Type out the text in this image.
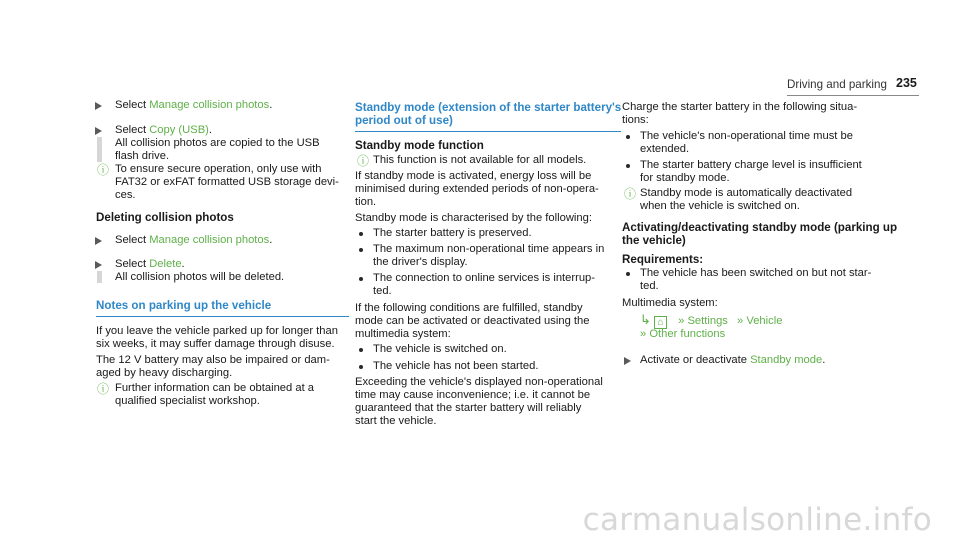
Driving and parking 235

Select Manage collision photos.

Select Copy (USB).

All collision photos are copied to the USB

flash drive.

ⓘ To ensure secure operation, only use with

FAT32 or exFAT formatted USB storage devi-

ces.

Deleting collision photos

Select Manage collision photos.

Select Delete.

All collision photos will be deleted.

Notes on parking up the vehicle

If you leave the vehicle parked up for longer than

six weeks, it may suffer damage through disuse.

The 12 V battery may also be impaired or dam-

aged by heavy discharging.

ⓘ Further information can be obtained at a

qualified specialist workshop.

Standby mode (extension of the starter battery's

period out of use)

Standby mode function

ⓘ This function is not available for all models.

If standby mode is activated, energy loss will be

minimised during extended periods of non-opera-

tion.

Standby mode is characterised by the following:

The starter battery is preserved.

The maximum non-operational time appears in

the driver's display.

The connection to online services is interrup-

ted.

If the following conditions are fulfilled, standby

mode can be activated or deactivated using the

multimedia system:

The vehicle is switched on.

The vehicle has not been started.

Exceeding the vehicle's displayed non-operational

time may cause inconvenience; i.e. it cannot be

guaranteed that the starter battery will reliably

start the vehicle.

Charge the starter battery in the following situa-

tions:

The vehicle's non-operational time must be

extended.

The starter battery charge level is insufficient

for standby mode.

ⓘ Standby mode is automatically deactivated

when the vehicle is switched on.

Activating/deactivating standby mode (parking up

the vehicle)

Requirements:

The vehicle has been switched on but not star-

ted.

Multimedia system:

↳ ⌂ » Settings » Vehicle
» Other functions

Activate or deactivate Standby mode.

carmanualsonline.info
